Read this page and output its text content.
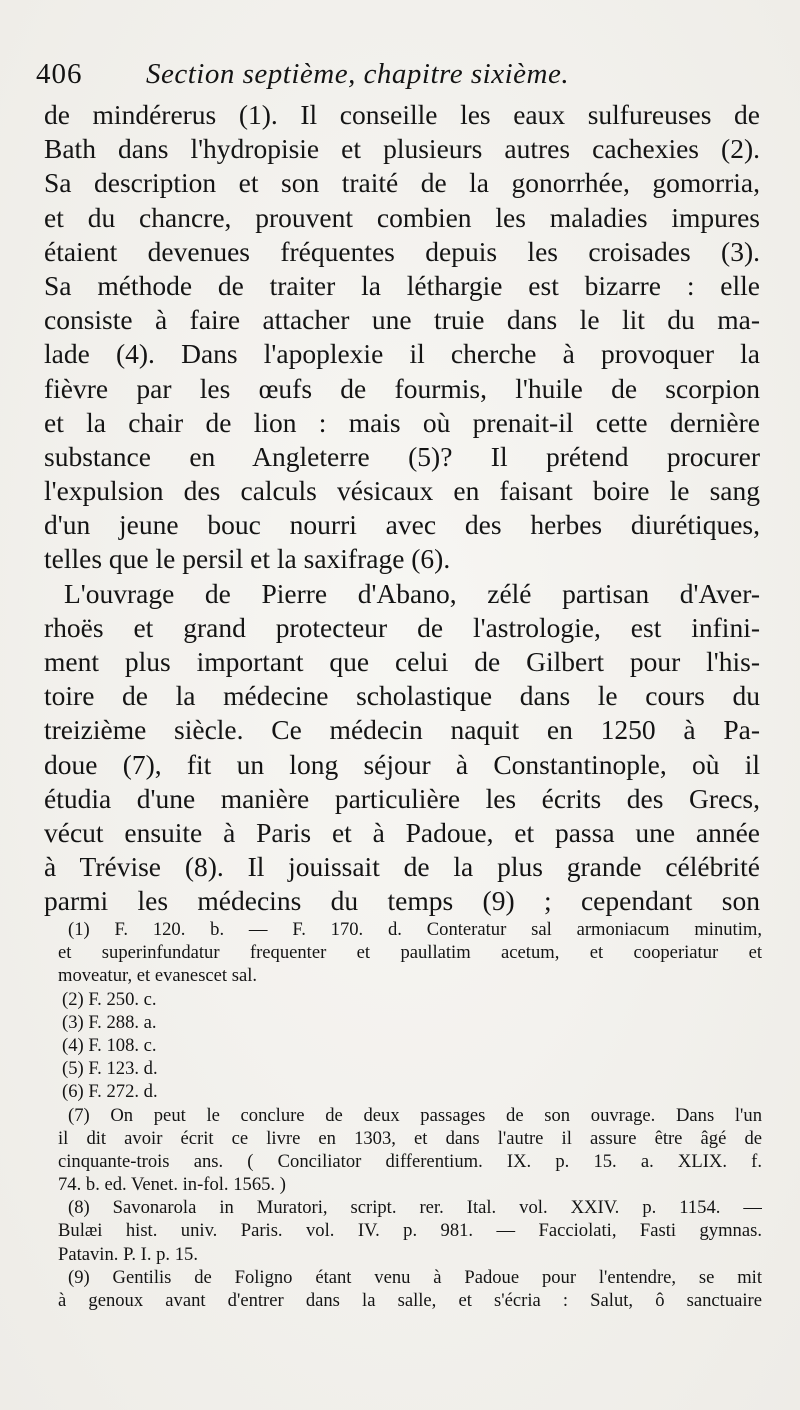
406 Section septième, chapitre sixième.
de mindérerus (1). Il conseille les eaux sulfureuses de
Bath dans l'hydropisie et plusieurs autres cachexies (2).
Sa description et son traité de la gonorrhée, gomorria,
et du chancre, prouvent combien les maladies impures
étaient devenues fréquentes depuis les croisades (3).
Sa méthode de traiter la léthargie est bizarre : elle
consiste à faire attacher une truie dans le lit du ma-
lade (4). Dans l'apoplexie il cherche à provoquer la
fièvre par les œufs de fourmis, l'huile de scorpion
et la chair de lion : mais où prenait-il cette dernière
substance en Angleterre (5)? Il prétend procurer
l'expulsion des calculs vésicaux en faisant boire le sang
d'un jeune bouc nourri avec des herbes diurétiques,
telles que le persil et la saxifrage (6).
L'ouvrage de Pierre d'Abano, zélé partisan d'Aver-
rhoës et grand protecteur de l'astrologie, est infini-
ment plus important que celui de Gilbert pour l'his-
toire de la médecine scholastique dans le cours du
treizième siècle. Ce médecin naquit en 1250 à Pa-
doue (7), fit un long séjour à Constantinople, où il
étudia d'une manière particulière les écrits des Grecs,
vécut ensuite à Paris et à Padoue, et passa une année
à Trévise (8). Il jouissait de la plus grande célébrité
parmi les médecins du temps (9) ; cependant son
(1) F. 120. b. — F. 170. d. Conteratur sal armoniacum minutim,
et superinfundatur frequenter et paullatim acetum, et cooperiatur et
moveatur, et evanescet sal.
(2) F. 250. c.
(3) F. 288. a.
(4) F. 108. c.
(5) F. 123. d.
(6) F. 272. d.
(7) On peut le conclure de deux passages de son ouvrage. Dans l'un
il dit avoir écrit ce livre en 1303, et dans l'autre il assure être âgé de
cinquante-trois ans. ( Conciliator differentium. IX. p. 15. a. XLIX. f.
74. b. ed. Venet. in-fol. 1565. )
(8) Savonarola in Muratori, script. rer. Ital. vol. XXIV. p. 1154. —
Bulæi hist. univ. Paris. vol. IV. p. 981. — Facciolati, Fasti gymnas.
Patavin. P. I. p. 15.
(9) Gentilis de Foligno étant venu à Padoue pour l'entendre, se mit
à genoux avant d'entrer dans la salle, et s'écria : Salut, ô sanctuaire
